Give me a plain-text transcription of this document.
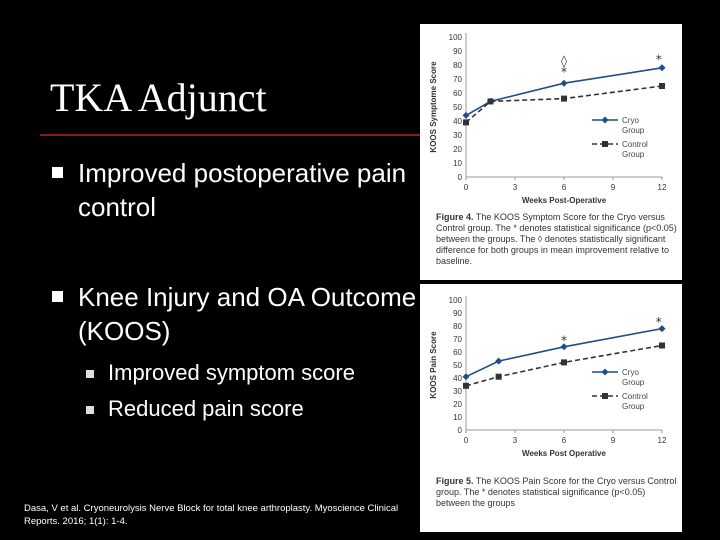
TKA Adjunct
Improved postoperative pain control
Knee Injury and OA Outcome (KOOS)
Improved symptom score
Reduced pain score
Dasa, V et al. Cryoneurolysis Nerve Block for total knee arthroplasty. Myoscience Clinical Reports. 2016; 1(1): 1-4.
0
10
20
30
40
50
60
70
80
90
100
0	3	6	9	12
Weeks Post-Operative
KOOS Symptome Score
◊
*
*
Cryo
Group
Control
Group
Figure 4. The KOOS Symptom Score for the Cryo versus Control group. The * denotes statistical significance (p<0.05) between the groups. The ◊ denotes statistically significant difference for both groups in mean improvement relative to baseline.
0
10
20
30
40
50
60
70
80
90
100
0	3	6	9	12
Weeks Post Operative
KOOS Pain Score	*
*
Cryo
Group
Control
Group
Figure 5. The KOOS Pain Score for the Cryo versus Control group. The * denotes statistical significance (p<0.05) between the groups
